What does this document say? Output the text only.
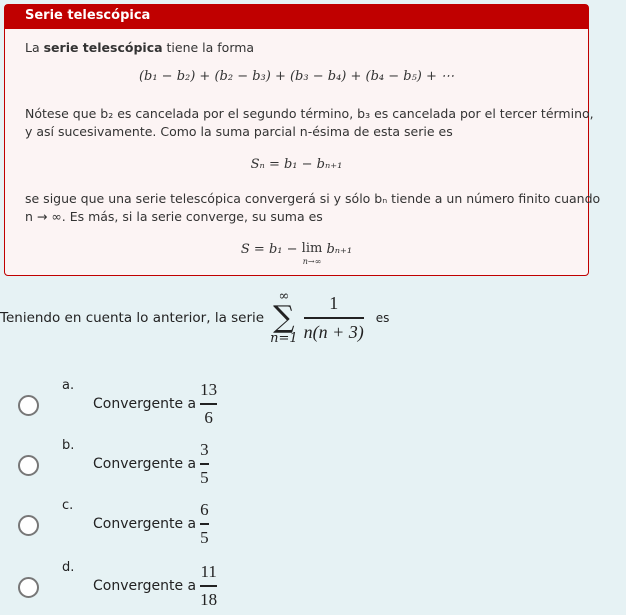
Serie telescópica
La serie telescópica tiene la forma
(b₁ − b₂) + (b₂ − b₃) + (b₃ − b₄) + (b₄ − b₅) + ⋯
Nótese que b₂ es cancelada por el segundo término, b₃ es cancelada por el tercer término,
y así sucesivamente. Como la suma parcial n-ésima de esta serie es
Sₙ = b₁ − bₙ₊₁
se sigue que una serie telescópica convergerá si y sólo bₙ tiende a un número finito cuando
n → ∞. Es más, si la serie converge, su suma es
S = b₁ − lim
n→∞
bₙ₊₁
Teniendo en cuenta lo anterior, la serie
∞
∑
$n=1 \frac{1}{n(n + 3)}$ es
a.
Convergente a $\frac{13}{6}$
b.
Convergente a $\frac{3}{5}$
c.
Convergente a $\frac{6}{5}$
d.
Convergente a $\frac{11}{18}$
